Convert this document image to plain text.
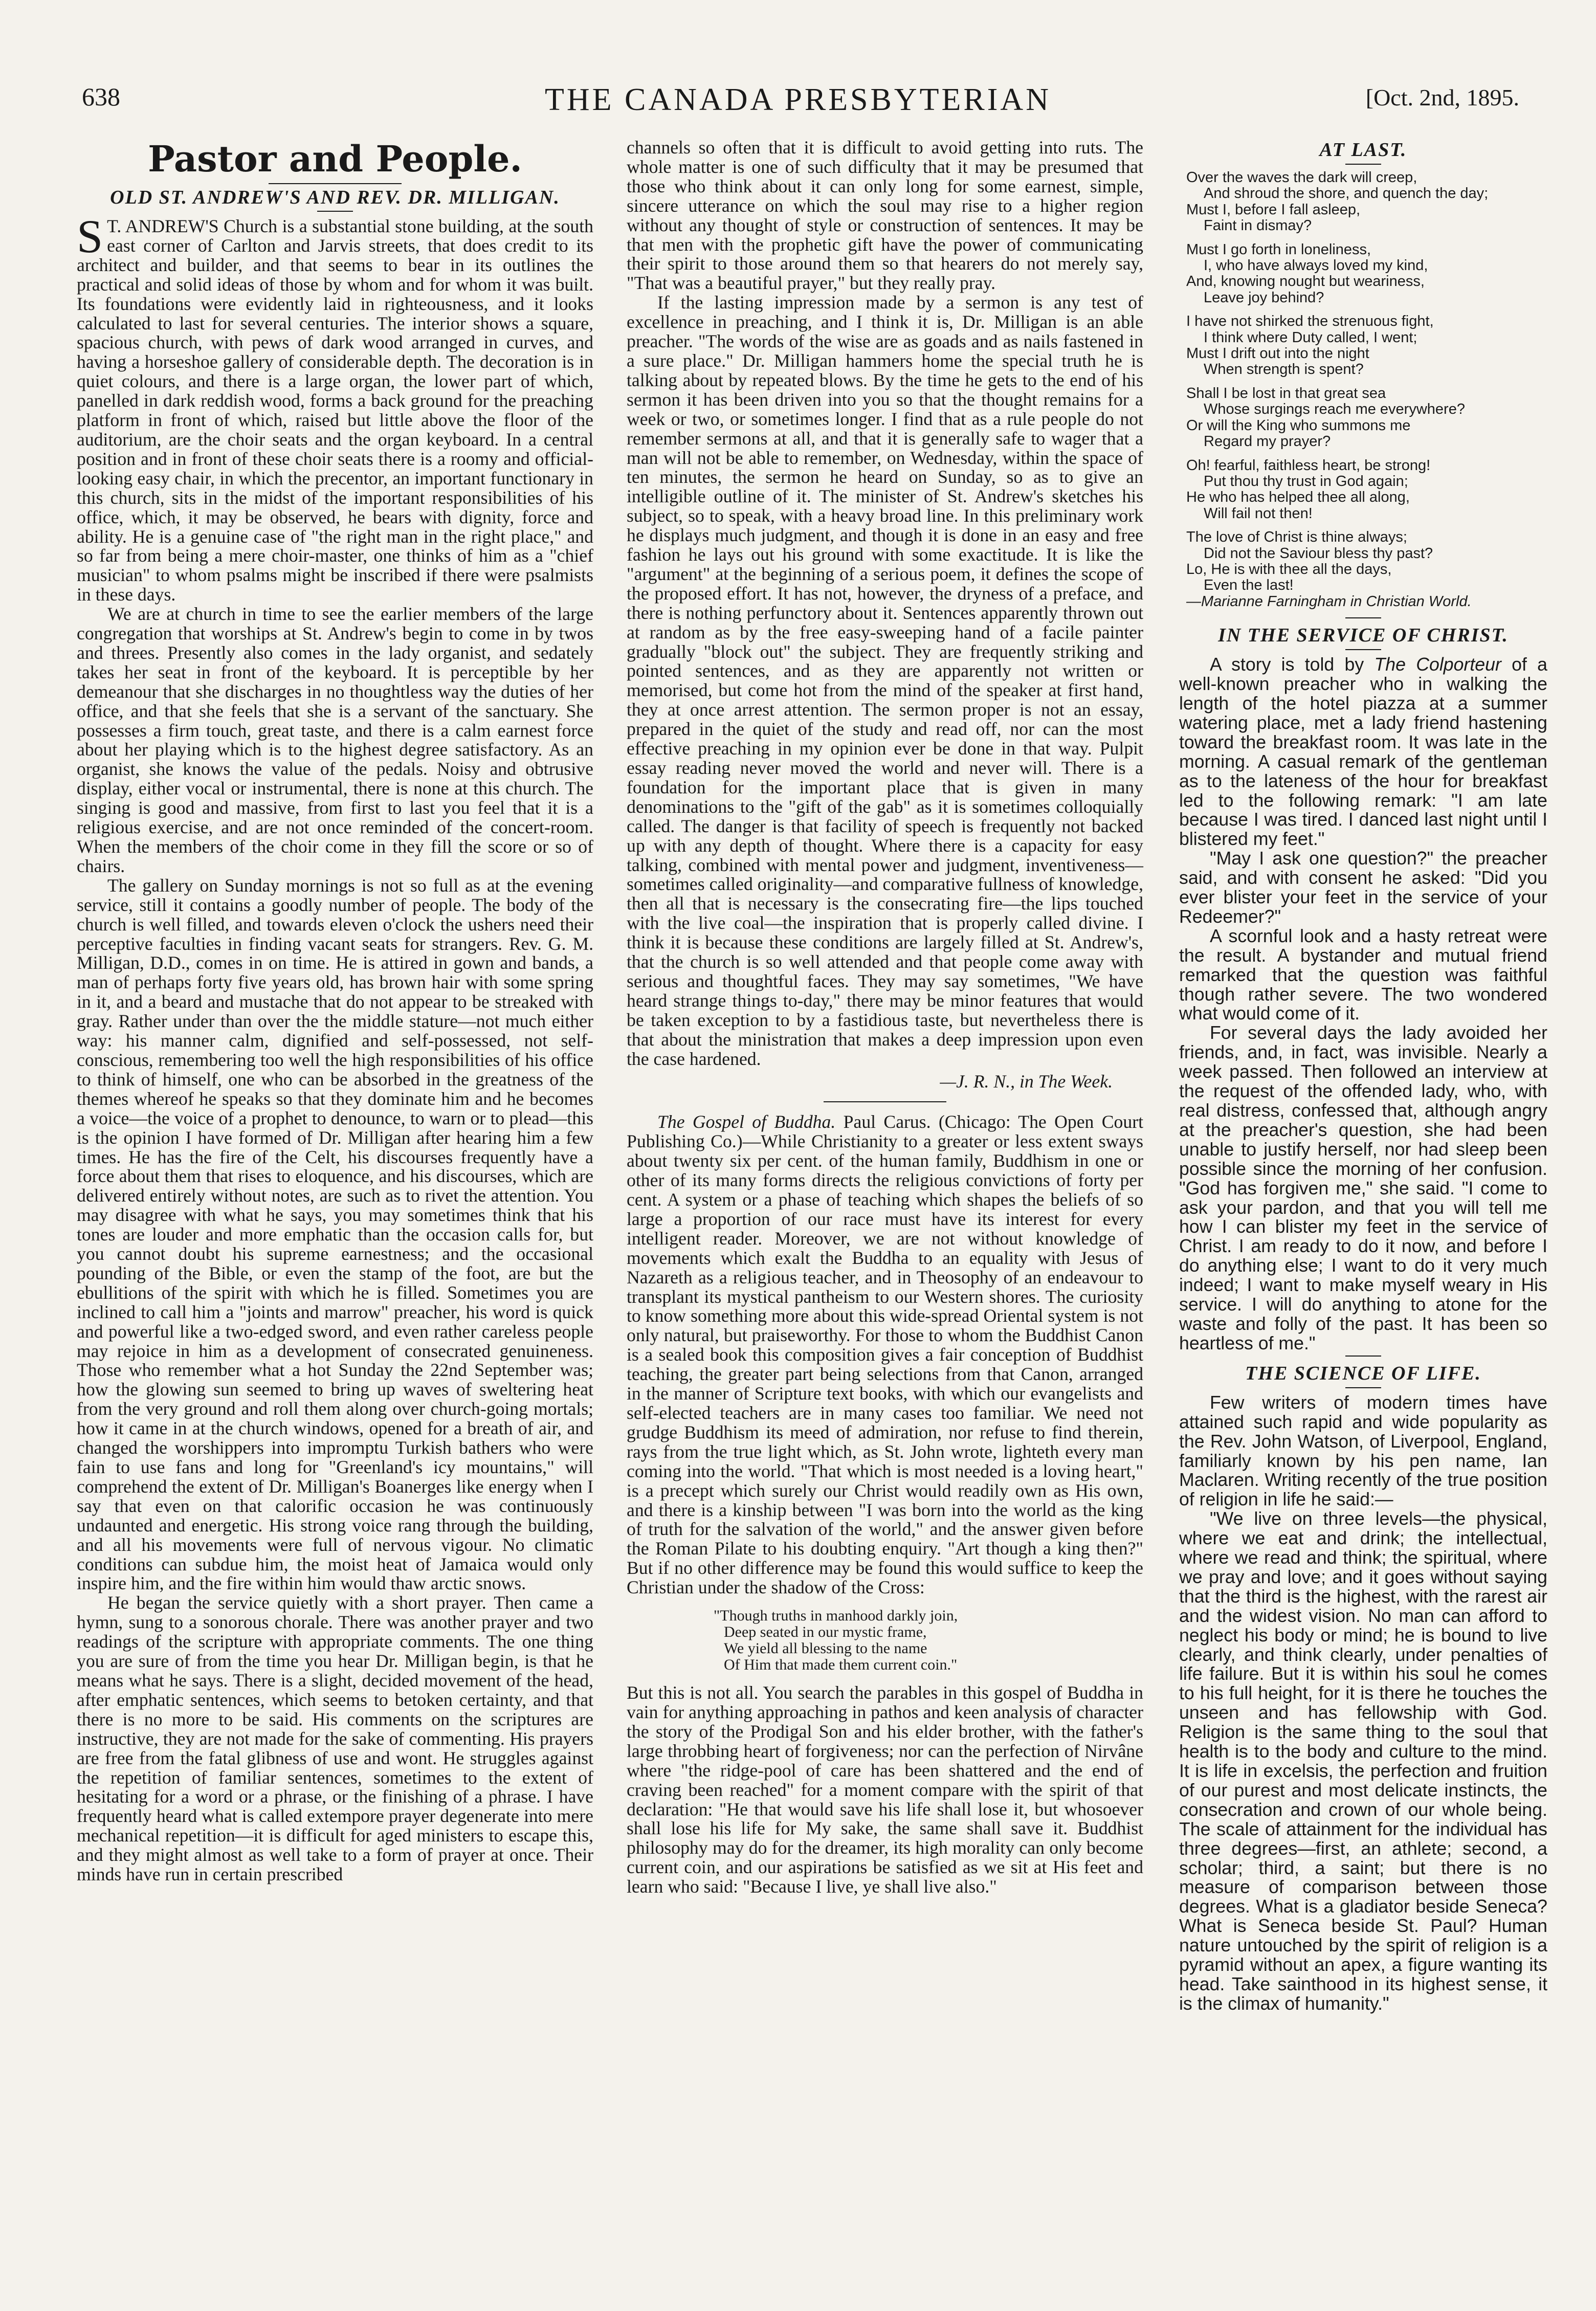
638	THE CANADA PRESBYTERIAN	[Oct. 2nd, 1895.
Pastor and People.
OLD ST. ANDREW'S AND REV. DR. MILLIGAN.

S T. ANDREW'S Church is a substantial stone building, at the south east corner of Carlton and Jarvis streets, that does credit to its architect and builder, and that seems to bear in its outlines the practical and solid ideas of those by whom and for whom it was built. Its foundations were evidently laid in righteousness, and it looks calculated to last for several centuries. The interior shows a square, spacious church, with pews of dark wood arranged in curves, and having a horseshoe gallery of considerable depth. The decoration is in quiet colours, and there is a large organ, the lower part of which, panelled in dark reddish wood, forms a back ground for the preaching platform in front of which, raised but little above the floor of the auditorium, are the choir seats and the organ keyboard. In a central position and in front of these choir seats there is a roomy and official-looking easy chair, in which the precentor, an important functionary in this church, sits in the midst of the important responsibilities of his office, which, it may be observed, he bears with dignity, force and ability. He is a genuine case of "the right man in the right place," and so far from being a mere choir-master, one thinks of him as a "chief musician" to whom psalms might be inscribed if there were psalmists in these days.

We are at church in time to see the earlier members of the large congregation that worships at St. Andrew's begin to come in by twos and threes. Presently also comes in the lady organist, and sedately takes her seat in front of the keyboard. It is perceptible by her demeanour that she discharges in no thoughtless way the duties of her office, and that she feels that she is a servant of the sanctuary. She possesses a firm touch, great taste, and there is a calm earnest force about her playing which is to the highest degree satisfactory. As an organist, she knows the value of the pedals. Noisy and obtrusive display, either vocal or instrumental, there is none at this church. The singing is good and massive, from first to last you feel that it is a religious exercise, and are not once reminded of the concert-room. When the members of the choir come in they fill the score or so of chairs.

The gallery on Sunday mornings is not so full as at the evening service, still it contains a goodly number of people. The body of the church is well filled, and towards eleven o'clock the ushers need their perceptive faculties in finding vacant seats for strangers. Rev. G. M. Milligan, D.D., comes in on time. He is attired in gown and bands, a man of perhaps forty five years old, has brown hair with some spring in it, and a beard and mustache that do not appear to be streaked with gray. Rather under than over the the middle stature—not much either way: his manner calm, dignified and self-possessed, not self-conscious, remembering too well the high responsibilities of his office to think of himself, one who can be absorbed in the greatness of the themes whereof he speaks so that they dominate him and he becomes a voice—the voice of a prophet to denounce, to warn or to plead—this is the opinion I have formed of Dr. Milligan after hearing him a few times. He has the fire of the Celt, his discourses frequently have a force about them that rises to eloquence, and his discourses, which are delivered entirely without notes, are such as to rivet the attention. You may disagree with what he says, you may sometimes think that his tones are louder and more emphatic than the occasion calls for, but you cannot doubt his supreme earnestness; and the occasional pounding of the Bible, or even the stamp of the foot, are but the ebullitions of the spirit with which he is filled. Sometimes you are inclined to call him a "joints and marrow" preacher, his word is quick and powerful like a two-edged sword, and even rather careless people may rejoice in him as a development of consecrated genuineness. Those who remember what a hot Sunday the 22nd September was; how the glowing sun seemed to bring up waves of sweltering heat from the very ground and roll them along over church-going mortals; how it came in at the church windows, opened for a breath of air, and changed the worshippers into impromptu Turkish bathers who were fain to use fans and long for "Greenland's icy mountains," will comprehend the extent of Dr. Milligan's Boanerges like energy when I say that even on that calorific occasion he was continuously undaunted and energetic. His strong voice rang through the building, and all his movements were full of nervous vigour. No climatic conditions can subdue him, the moist heat of Jamaica would only inspire him, and the fire within him would thaw arctic snows.

He began the service quietly with a short prayer. Then came a hymn, sung to a sonorous chorale. There was another prayer and two readings of the scripture with appropriate comments. The one thing you are sure of from the time you hear Dr. Milligan begin, is that he means what he says. There is a slight, decided movement of the head, after emphatic sentences, which seems to betoken certainty, and that there is no more to be said. His comments on the scriptures are instructive, they are not made for the sake of commenting. His prayers are free from the fatal glibness of use and wont. He struggles against the repetition of familiar sentences, sometimes to the extent of hesitating for a word or a phrase, or the finishing of a phrase. I have frequently heard what is called extempore prayer degenerate into mere mechanical repetition—it is difficult for aged ministers to escape this, and they might almost as well take to a form of prayer at once. Their minds have run in certain prescribed

channels so often that it is difficult to avoid getting into ruts. The whole matter is one of such difficulty that it may be presumed that those who think about it can only long for some earnest, simple, sincere utterance on which the soul may rise to a higher region without any thought of style or construction of sentences. It may be that men with the prophetic gift have the power of communicating their spirit to those around them so that hearers do not merely say, "That was a beautiful prayer," but they really pray.

If the lasting impression made by a sermon is any test of excellence in preaching, and I think it is, Dr. Milligan is an able preacher. "The words of the wise are as goads and as nails fastened in a sure place." Dr. Milligan hammers home the special truth he is talking about by repeated blows. By the time he gets to the end of his sermon it has been driven into you so that the thought remains for a week or two, or sometimes longer. I find that as a rule people do not remember sermons at all, and that it is generally safe to wager that a man will not be able to remember, on Wednesday, within the space of ten minutes, the sermon he heard on Sunday, so as to give an intelligible outline of it. The minister of St. Andrew's sketches his subject, so to speak, with a heavy broad line. In this preliminary work he displays much judgment, and though it is done in an easy and free fashion he lays out his ground with some exactitude. It is like the "argument" at the beginning of a serious poem, it defines the scope of the proposed effort. It has not, however, the dryness of a preface, and there is nothing perfunctory about it. Sentences apparently thrown out at random as by the free easy-sweeping hand of a facile painter gradually "block out" the subject. They are frequently striking and pointed sentences, and as they are apparently not written or memorised, but come hot from the mind of the speaker at first hand, they at once arrest attention. The sermon proper is not an essay, prepared in the quiet of the study and read off, nor can the most effective preaching in my opinion ever be done in that way. Pulpit essay reading never moved the world and never will. There is a foundation for the important place that is given in many denominations to the "gift of the gab" as it is sometimes colloquially called. The danger is that facility of speech is frequently not backed up with any depth of thought. Where there is a capacity for easy talking, combined with mental power and judgment, inventiveness—sometimes called originality—and comparative fullness of knowledge, then all that is necessary is the consecrating fire—the lips touched with the live coal—the inspiration that is properly called divine. I think it is because these conditions are largely filled at St. Andrew's, that the church is so well attended and that people come away with serious and thoughtful faces. They may say sometimes, "We have heard strange things to-day," there may be minor features that would be taken exception to by a fastidious taste, but nevertheless there is that about the ministration that makes a deep impression upon even the case hardened.

—J. R. N., in The Week.

The Gospel of Buddha. Paul Carus. (Chicago: The Open Court Publishing Co.)—While Christianity to a greater or less extent sways about twenty six per cent. of the human family, Buddhism in one or other of its many forms directs the religious convictions of forty per cent. A system or a phase of teaching which shapes the beliefs of so large a proportion of our race must have its interest for every intelligent reader. Moreover, we are not without knowledge of movements which exalt the Buddha to an equality with Jesus of Nazareth as a religious teacher, and in Theosophy of an endeavour to transplant its mystical pantheism to our Western shores. The curiosity to know something more about this wide-spread Oriental system is not only natural, but praiseworthy. For those to whom the Buddhist Canon is a sealed book this composition gives a fair conception of Buddhist teaching, the greater part being selections from that Canon, arranged in the manner of Scripture text books, with which our evangelists and self-elected teachers are in many cases too familiar. We need not grudge Buddhism its meed of admiration, nor refuse to find therein, rays from the true light which, as St. John wrote, lighteth every man coming into the world. "That which is most needed is a loving heart," is a precept which surely our Christ would readily own as His own, and there is a kinship between "I was born into the world as the king of truth for the salvation of the world," and the answer given before the Roman Pilate to his doubting enquiry. "Art though a king then?" But if no other difference may be found this would suffice to keep the Christian under the shadow of the Cross:

"Though truths in manhood darkly join,
Deep seated in our mystic frame,
We yield all blessing to the name
Of Him that made them current coin."

But this is not all. You search the parables in this gospel of Buddha in vain for anything approaching in pathos and keen analysis of character the story of the Prodigal Son and his elder brother, with the father's large throbbing heart of forgiveness; nor can the perfection of Nirvâne where "the ridge-pool of care has been shattered and the end of craving been reached" for a moment compare with the spirit of that declaration: "He that would save his life shall lose it, but whosoever shall lose his life for My sake, the same shall save it. Buddhist philosophy may do for the dreamer, its high morality can only become current coin, and our aspirations be satisfied as we sit at His feet and learn who said: "Because I live, ye shall live also."

AT LAST.
Over the waves the dark will creep,
And shroud the shore, and quench the day;
Must I, before I fall asleep,
Faint in dismay?
Must I go forth in loneliness,
I, who have always loved my kind,
And, knowing nought but weariness,
Leave joy behind?
I have not shirked the strenuous fight,
I think where Duty called, I went;
Must I drift out into the night
When strength is spent?
Shall I be lost in that great sea
Whose surgings reach me everywhere?
Or will the King who summons me
Regard my prayer?
Oh! fearful, faithless heart, be strong!
Put thou thy trust in God again;
He who has helped thee all along,
Will fail not then!
The love of Christ is thine always;
Did not the Saviour bless thy past?
Lo, He is with thee all the days,
Even the last!
—Marianne Farningham in Christian World.
IN THE SERVICE OF CHRIST.

A story is told by The Colporteur of a well-known preacher who in walking the length of the hotel piazza at a summer watering place, met a lady friend hastening toward the breakfast room. It was late in the morning. A casual remark of the gentleman as to the lateness of the hour for breakfast led to the following remark: "I am late because I was tired. I danced last night until I blistered my feet."

"May I ask one question?" the preacher said, and with consent he asked: "Did you ever blister your feet in the service of your Redeemer?"

A scornful look and a hasty retreat were the result. A bystander and mutual friend remarked that the question was faithful though rather severe. The two wondered what would come of it.

For several days the lady avoided her friends, and, in fact, was invisible. Nearly a week passed. Then followed an interview at the request of the offended lady, who, with real distress, confessed that, although angry at the preacher's question, she had been unable to justify herself, nor had sleep been possible since the morning of her confusion. "God has forgiven me," she said. "I come to ask your pardon, and that you will tell me how I can blister my feet in the service of Christ. I am ready to do it now, and before I do anything else; I want to do it very much indeed; I want to make myself weary in His service. I will do anything to atone for the waste and folly of the past. It has been so heartless of me."

THE SCIENCE OF LIFE.

Few writers of modern times have attained such rapid and wide popularity as the Rev. John Watson, of Liverpool, England, familiarly known by his pen name, Ian Maclaren. Writing recently of the true position of religion in life he said:—

"We live on three levels—the physical, where we eat and drink; the intellectual, where we read and think; the spiritual, where we pray and love; and it goes without saying that the third is the highest, with the rarest air and the widest vision. No man can afford to neglect his body or mind; he is bound to live clearly, and think clearly, under penalties of life failure. But it is within his soul he comes to his full height, for it is there he touches the unseen and has fellowship with God. Religion is the same thing to the soul that health is to the body and culture to the mind. It is life in excelsis, the perfection and fruition of our purest and most delicate instincts, the consecration and crown of our whole being. The scale of attainment for the individual has three degrees—first, an athlete; second, a scholar; third, a saint; but there is no measure of comparison between those degrees. What is a gladiator beside Seneca? What is Seneca beside St. Paul? Human nature untouched by the spirit of religion is a pyramid without an apex, a figure wanting its head. Take sainthood in its highest sense, it is the climax of humanity."
